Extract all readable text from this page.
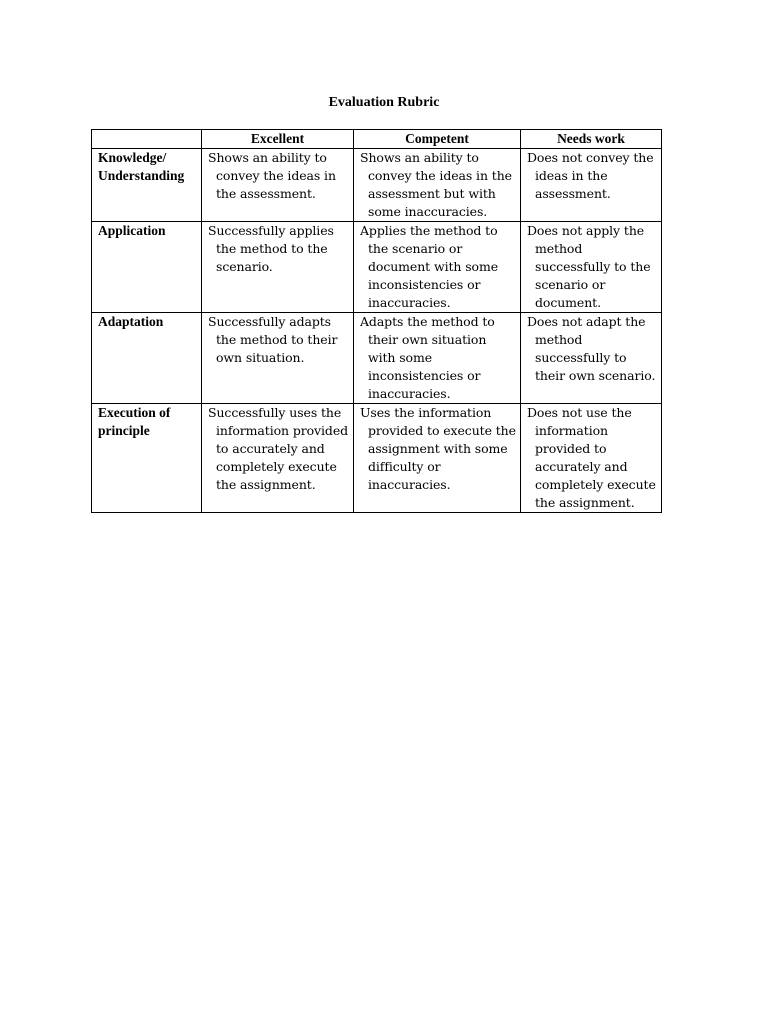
Evaluation Rubric
	Excellent	Competent	Needs work

Knowledge/ Understanding	Shows an ability to convey the ideas in the assessment.	Shows an ability to convey the ideas in the assessment but with some inaccuracies.	Does not convey the ideas in the assessment.

Application	Successfully applies the method to the scenario.	Applies the method to the scenario or document with some inconsistencies or inaccuracies.	Does not apply the method successfully to the scenario or document.

Adaptation	Successfully adapts the method to their own situation.	Adapts the method to their own situation with some inconsistencies or inaccuracies.	Does not adapt the method successfully to their own scenario.

Execution of principle	Successfully uses the information provided to accurately and completely execute the assignment.	Uses the information provided to execute the assignment with some difficulty or inaccuracies.	Does not use the information provided to accurately and completely execute the assignment.
